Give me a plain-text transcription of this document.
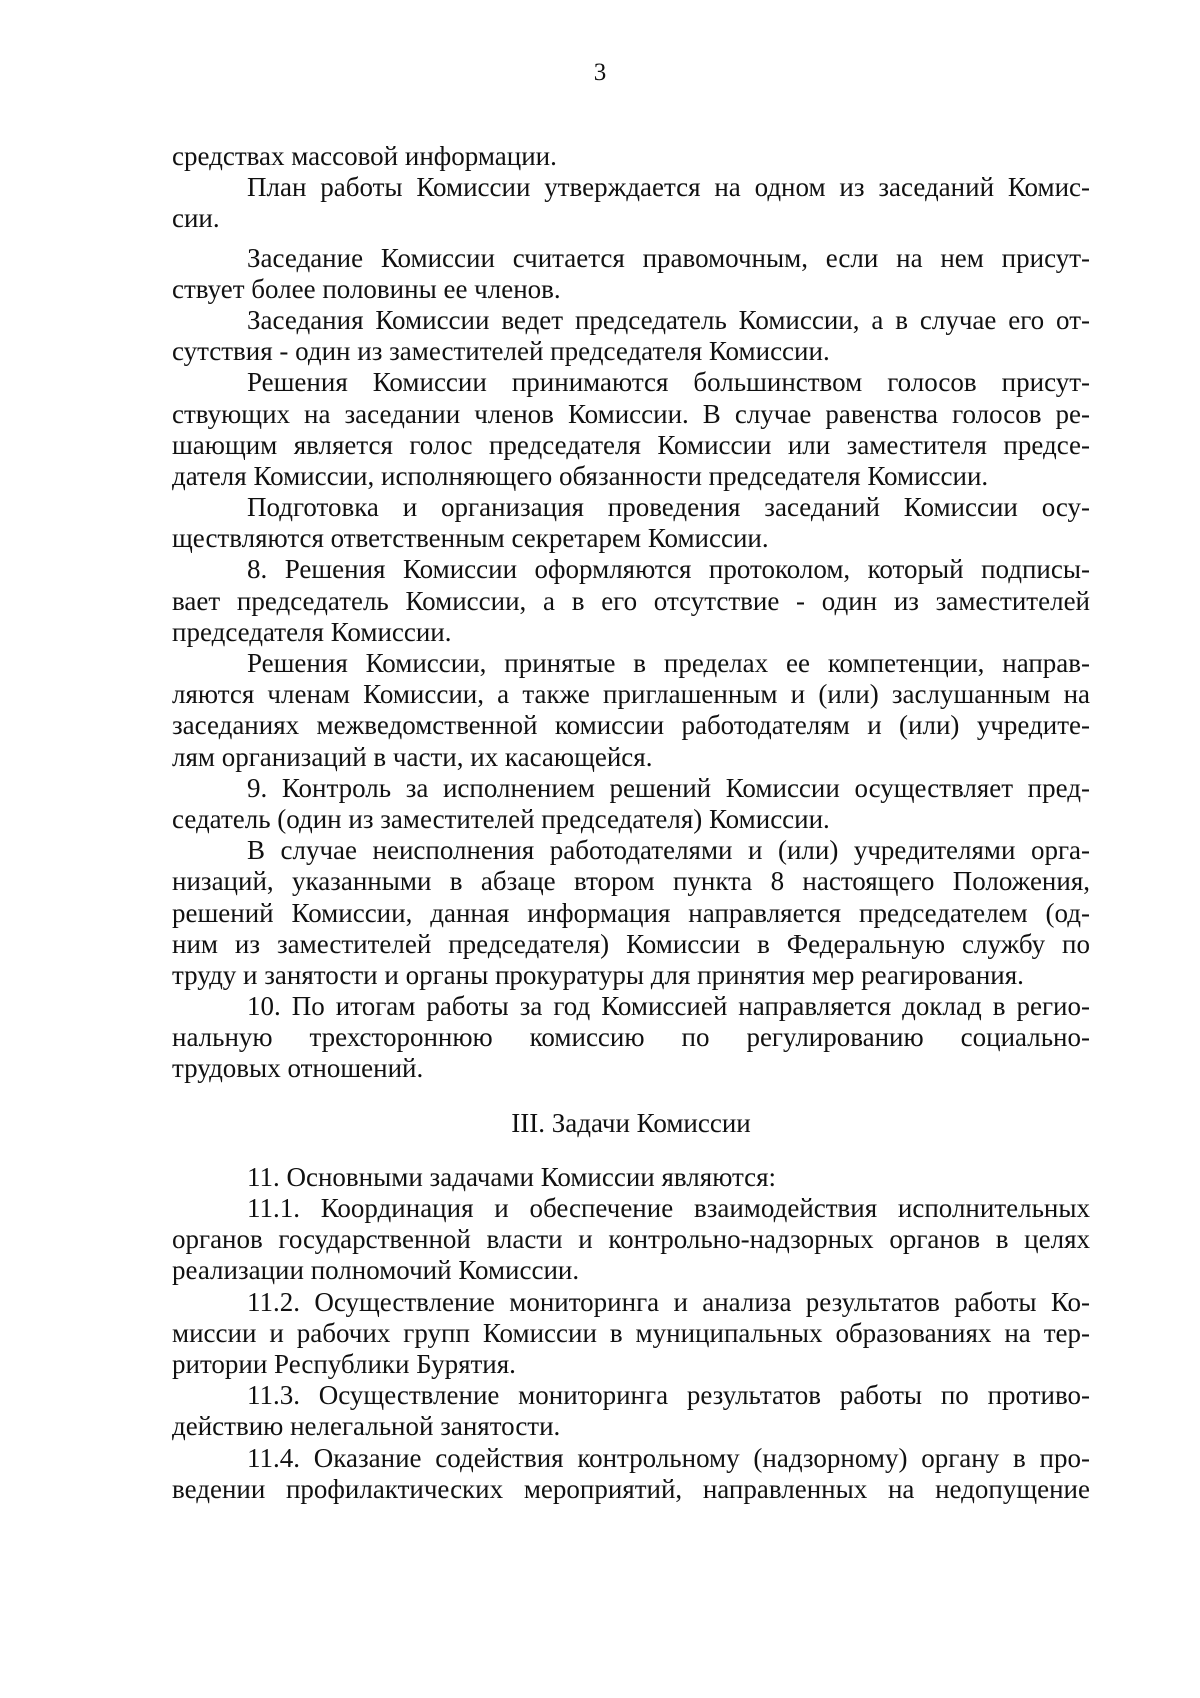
3
средствах массовой информации.
План работы Комиссии утверждается на одном из заседаний Комис-
сии.
Заседание Комиссии считается правомочным, если на нем присут-
ствует более половины ее членов.
Заседания Комиссии ведет председатель Комиссии, а в случае его от-
сутствия - один из заместителей председателя Комиссии.
Решения Комиссии принимаются большинством голосов присут-
ствующих на заседании членов Комиссии. В случае равенства голосов ре-
шающим является голос председателя Комиссии или заместителя предсе-
дателя Комиссии, исполняющего обязанности председателя Комиссии.
Подготовка и организация проведения заседаний Комиссии осу-
ществляются ответственным секретарем Комиссии.
8. Решения Комиссии оформляются протоколом, который подписы-
вает председатель Комиссии, а в его отсутствие - один из заместителей
председателя Комиссии.
Решения Комиссии, принятые в пределах ее компетенции, направ-
ляются членам Комиссии, а также приглашенным и (или) заслушанным на
заседаниях межведомственной комиссии работодателям и (или) учредите-
лям организаций в части, их касающейся.
9. Контроль за исполнением решений Комиссии осуществляет пред-
седатель (один из заместителей председателя) Комиссии.
В случае неисполнения работодателями и (или) учредителями орга-
низаций, указанными в абзаце втором пункта 8 настоящего Положения,
решений Комиссии, данная информация направляется председателем (од-
ним из заместителей председателя) Комиссии в Федеральную службу по
труду и занятости и органы прокуратуры для принятия мер реагирования.
10. По итогам работы за год Комиссией направляется доклад в регио-
нальную трехстороннюю комиссию по регулированию социально-
трудовых отношений.
III. Задачи Комиссии
11. Основными задачами Комиссии являются:
11.1. Координация и обеспечение взаимодействия исполнительных
органов государственной власти и контрольно-надзорных органов в целях
реализации полномочий Комиссии.
11.2. Осуществление мониторинга и анализа результатов работы Ко-
миссии и рабочих групп Комиссии в муниципальных образованиях на тер-
ритории Республики Бурятия.
11.3. Осуществление мониторинга результатов работы по противо-
действию нелегальной занятости.
11.4. Оказание содействия контрольному (надзорному) органу в про-
ведении профилактических мероприятий, направленных на недопущение
